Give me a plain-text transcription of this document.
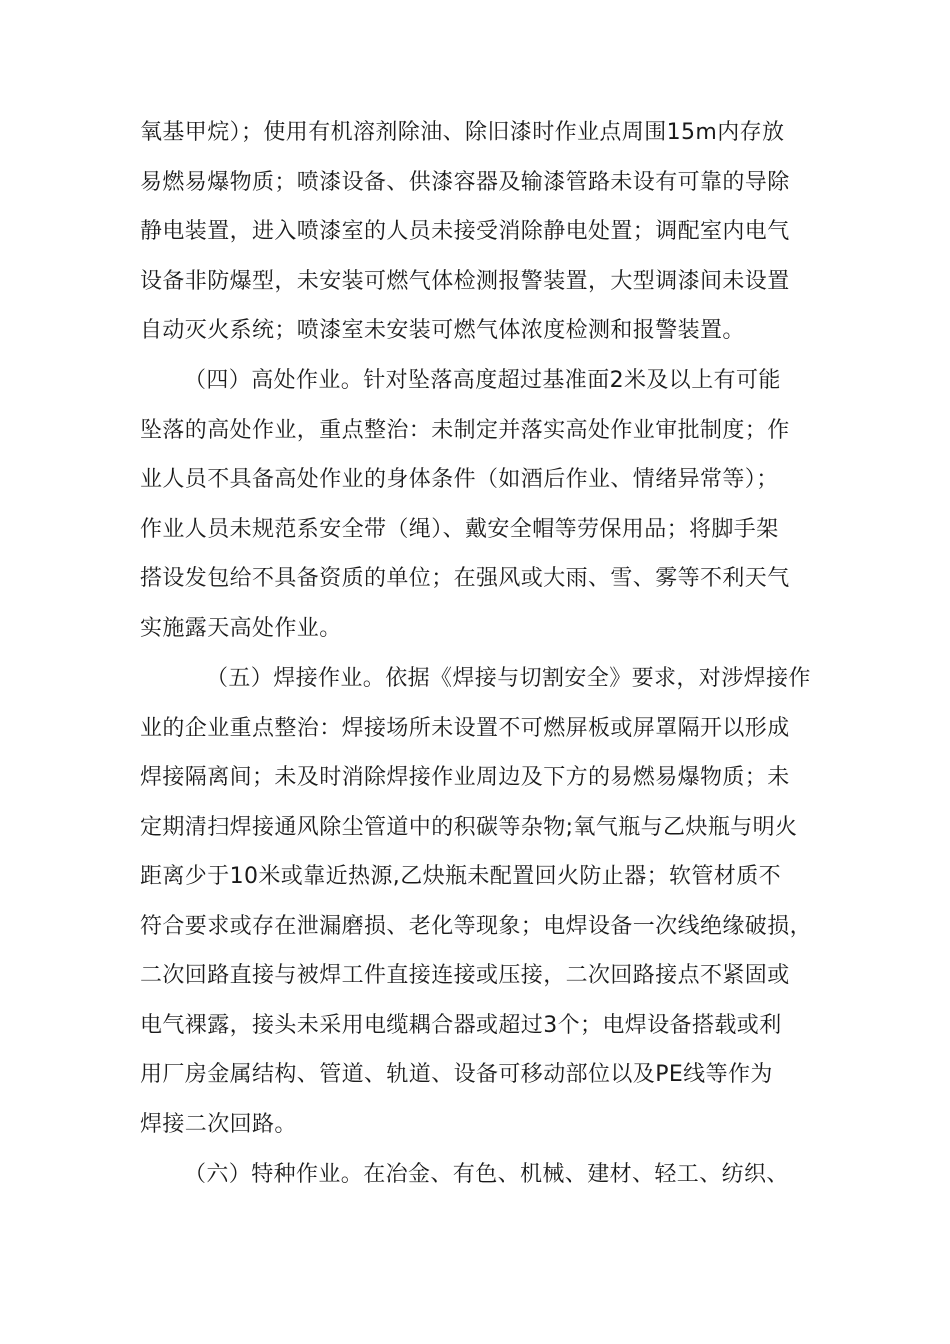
氧基甲烷）；使用有机溶剂除油、除旧漆时作业点周围15m内存放
易燃易爆物质；喷漆设备、供漆容器及输漆管路未设有可靠的导除
静电装置，进入喷漆室的人员未接受消除静电处置；调配室内电气
设备非防爆型，未安装可燃气体检测报警装置，大型调漆间未设置
自动灭火系统；喷漆室未安装可燃气体浓度检测和报警装置。
（四）高处作业。针对坠落高度超过基准面2米及以上有可能
坠落的高处作业，重点整治：未制定并落实高处作业审批制度；作
业人员不具备高处作业的身体条件（如酒后作业、情绪异常等）；
作业人员未规范系安全带（绳）、戴安全帽等劳保用品；将脚手架
搭设发包给不具备资质的单位；在强风或大雨、雪、雾等不利天气
实施露天高处作业。
（五）焊接作业。依据《焊接与切割安全》要求，对涉焊接作
业的企业重点整治：焊接场所未设置不可燃屏板或屏罩隔开以形成
焊接隔离间；未及时消除焊接作业周边及下方的易燃易爆物质；未
定期清扫焊接通风除尘管道中的积碳等杂物;氧气瓶与乙炔瓶与明火
距离少于10米或靠近热源,乙炔瓶未配置回火防止器；软管材质不
符合要求或存在泄漏磨损、老化等现象；电焊设备一次线绝缘破损，
二次回路直接与被焊工件直接连接或压接，二次回路接点不紧固或
电气裸露，接头未采用电缆耦合器或超过3个；电焊设备搭载或利
用厂房金属结构、管道、轨道、设备可移动部位以及PE线等作为
焊接二次回路。
（六）特种作业。在冶金、有色、机械、建材、轻工、纺织、
